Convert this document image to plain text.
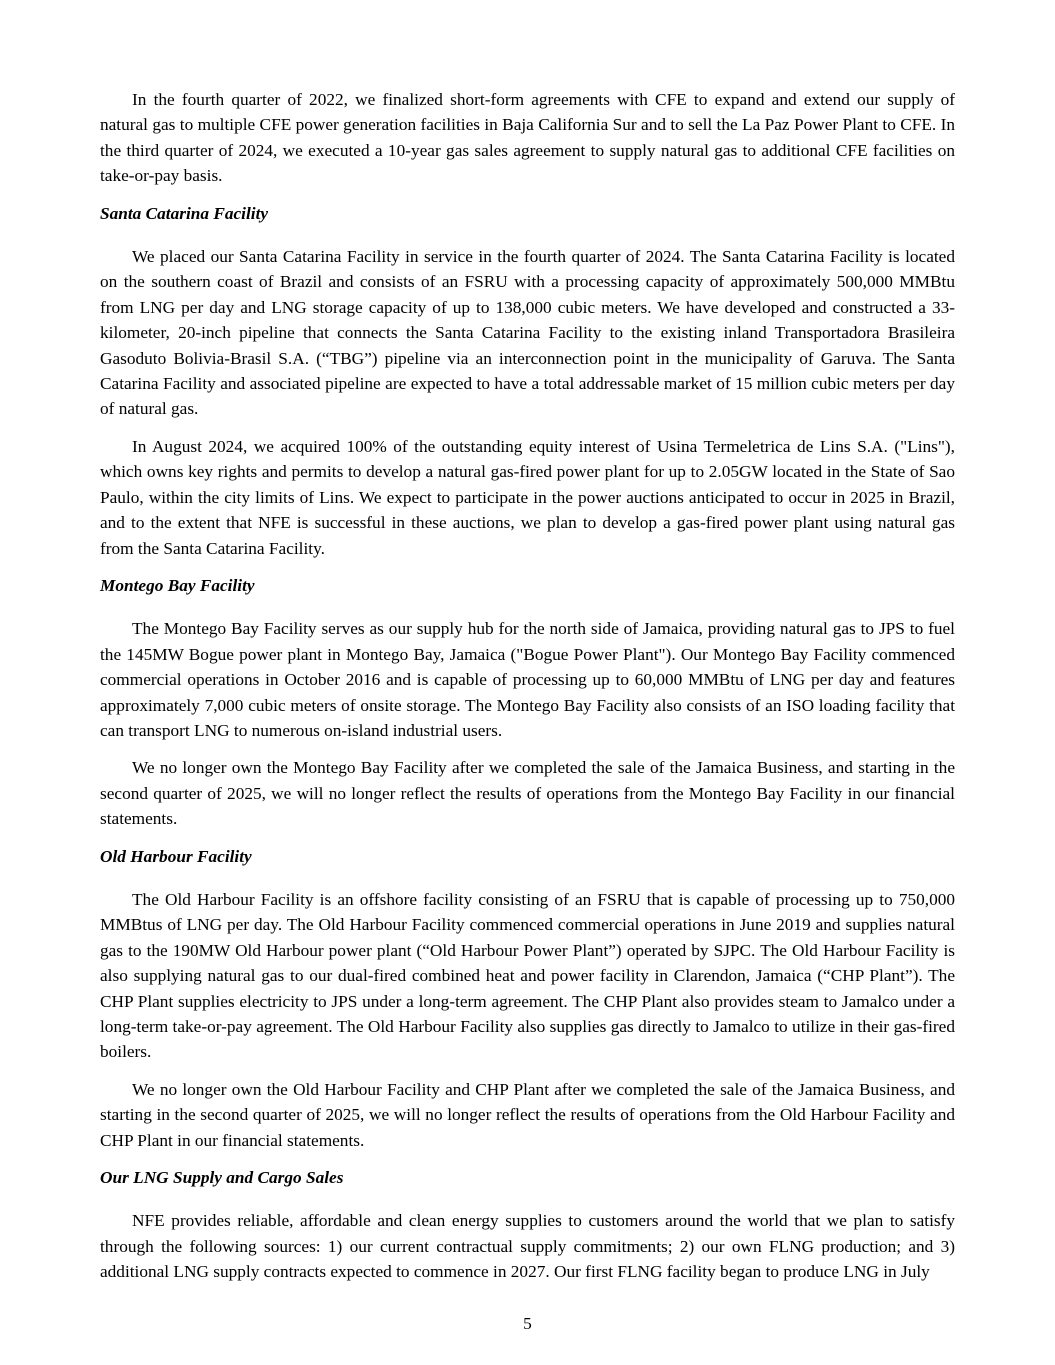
In the fourth quarter of 2022, we finalized short-form agreements with CFE to expand and extend our supply of natural gas to multiple CFE power generation facilities in Baja California Sur and to sell the La Paz Power Plant to CFE. In the third quarter of 2024, we executed a 10-year gas sales agreement to supply natural gas to additional CFE facilities on take-or-pay basis.

Santa Catarina Facility

We placed our Santa Catarina Facility in service in the fourth quarter of 2024. The Santa Catarina Facility is located on the southern coast of Brazil and consists of an FSRU with a processing capacity of approximately 500,000 MMBtu from LNG per day and LNG storage capacity of up to 138,000 cubic meters. We have developed and constructed a 33-kilometer, 20-inch pipeline that connects the Santa Catarina Facility to the existing inland Transportadora Brasileira Gasoduto Bolivia-Brasil S.A. (“TBG”) pipeline via an interconnection point in the municipality of Garuva. The Santa Catarina Facility and associated pipeline are expected to have a total addressable market of 15 million cubic meters per day of natural gas.

In August 2024, we acquired 100% of the outstanding equity interest of Usina Termeletrica de Lins S.A. ("Lins"), which owns key rights and permits to develop a natural gas-fired power plant for up to 2.05GW located in the State of Sao Paulo, within the city limits of Lins. We expect to participate in the power auctions anticipated to occur in 2025 in Brazil, and to the extent that NFE is successful in these auctions, we plan to develop a gas-fired power plant using natural gas from the Santa Catarina Facility.

Montego Bay Facility

The Montego Bay Facility serves as our supply hub for the north side of Jamaica, providing natural gas to JPS to fuel the 145MW Bogue power plant in Montego Bay, Jamaica ("Bogue Power Plant"). Our Montego Bay Facility commenced commercial operations in October 2016 and is capable of processing up to 60,000 MMBtu of LNG per day and features approximately 7,000 cubic meters of onsite storage. The Montego Bay Facility also consists of an ISO loading facility that can transport LNG to numerous on-island industrial users.

We no longer own the Montego Bay Facility after we completed the sale of the Jamaica Business, and starting in the second quarter of 2025, we will no longer reflect the results of operations from the Montego Bay Facility in our financial statements.

Old Harbour Facility

The Old Harbour Facility is an offshore facility consisting of an FSRU that is capable of processing up to 750,000 MMBtus of LNG per day. The Old Harbour Facility commenced commercial operations in June 2019 and supplies natural gas to the 190MW Old Harbour power plant (“Old Harbour Power Plant”) operated by SJPC. The Old Harbour Facility is also supplying natural gas to our dual-fired combined heat and power facility in Clarendon, Jamaica (“CHP Plant”). The CHP Plant supplies electricity to JPS under a long-term agreement. The CHP Plant also provides steam to Jamalco under a long-term take-or-pay agreement. The Old Harbour Facility also supplies gas directly to Jamalco to utilize in their gas-fired boilers.

We no longer own the Old Harbour Facility and CHP Plant after we completed the sale of the Jamaica Business, and starting in the second quarter of 2025, we will no longer reflect the results of operations from the Old Harbour Facility and CHP Plant in our financial statements.

Our LNG Supply and Cargo Sales

NFE provides reliable, affordable and clean energy supplies to customers around the world that we plan to satisfy through the following sources: 1) our current contractual supply commitments; 2) our own FLNG production; and 3) additional LNG supply contracts expected to commence in 2027. Our first FLNG facility began to produce LNG in July

5
